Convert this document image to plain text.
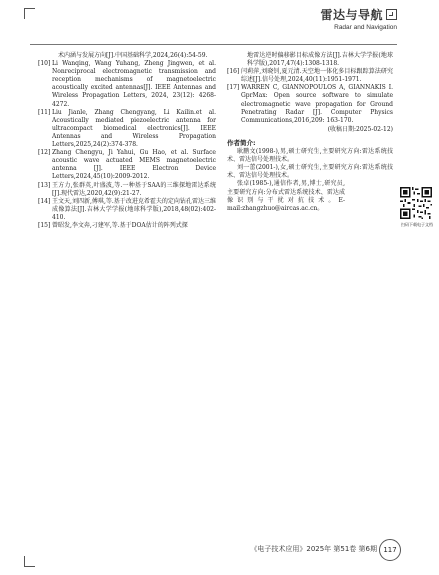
雷达与导航
Radar and Navigation
术内涵与发展方向[J].中国基础科学,2024,26(4):54-59.
[10] Li Wanqing, Wang Yuhang, Zheng Jingwen, et al. Nonreciprocal electromagnetic transmission and reception mechanisms of magnetoelectric acoustically excited antennas[J]. IEEE Antennas and Wireless Propagation Letters, 2024, 23(12): 4268-4272.
[11] Liu Jianle, Zhang Chengyang, Li Kailin.et al. Acoustically mediated piezoelectric antenna for ultracompact biomedical electronics[J]. IEEE Antennas and Wireless Propagation Letters,2025,24(2):374-378.
[12] Zhang Chengyu, Ji Yahui, Gu Hao, et al. Surface acoustic wave actuated MEMS magnetoelectric antenna [J]. IEEE Electron Device Letters,2024,45(10):2009-2012.
[13] 王方力,张群英,叶盛波,等.一种基于SAA的三维探地雷达系统[J].现代雷达,2020,42(9):21-27.
[14] 王文天,刘四新,傅琪,等.基于改进克希霍夫的定向钻孔雷达三维成像算法[J].吉林大学学报(地球科学版),2018,48(02):402-410.
[15] 曾昭发,李文奔,刁建军,等.基于DOA估计的阵列式探
地雷达逆时偏移影目标成像方法[J].吉林大学学报(地球科学版),2017,47(4):1308-1318.
[16] 闫莉萍,刘晓钊,夏元清.天空地一体化多目标跟踪算法研究综述[J].信号处理,2024,40(11):1951-1971.
[17] WARREN C, GIANNOPOULOS A, GIANNAKIS I. GprMax: Open source software to simulate electromagnetic wave propagation for Ground Penetrating Radar [J]. Computer Physics Communications,2016,209: 163-170.
(收稿日期:2025-02-12)
作者简介:

耿鹏文(1998-),男,硕士研究生,主要研究方向:雷达系统技术、雷达信号处理技术。

刘一蕾(2001-),女,硕士研究生,主要研究方向:雷达系统技术、雷达信号处理技术。

张卓(1985-),通信作者,男,博士,研究员,主要研究方向:分布式雷达系统技术、雷达成像识别与干扰对抗技术。E-mail:zhangzhuo@aircas.ac.cn。

扫码下载电子文档
《电子技术应用》2025年 第51卷 第6期 117
